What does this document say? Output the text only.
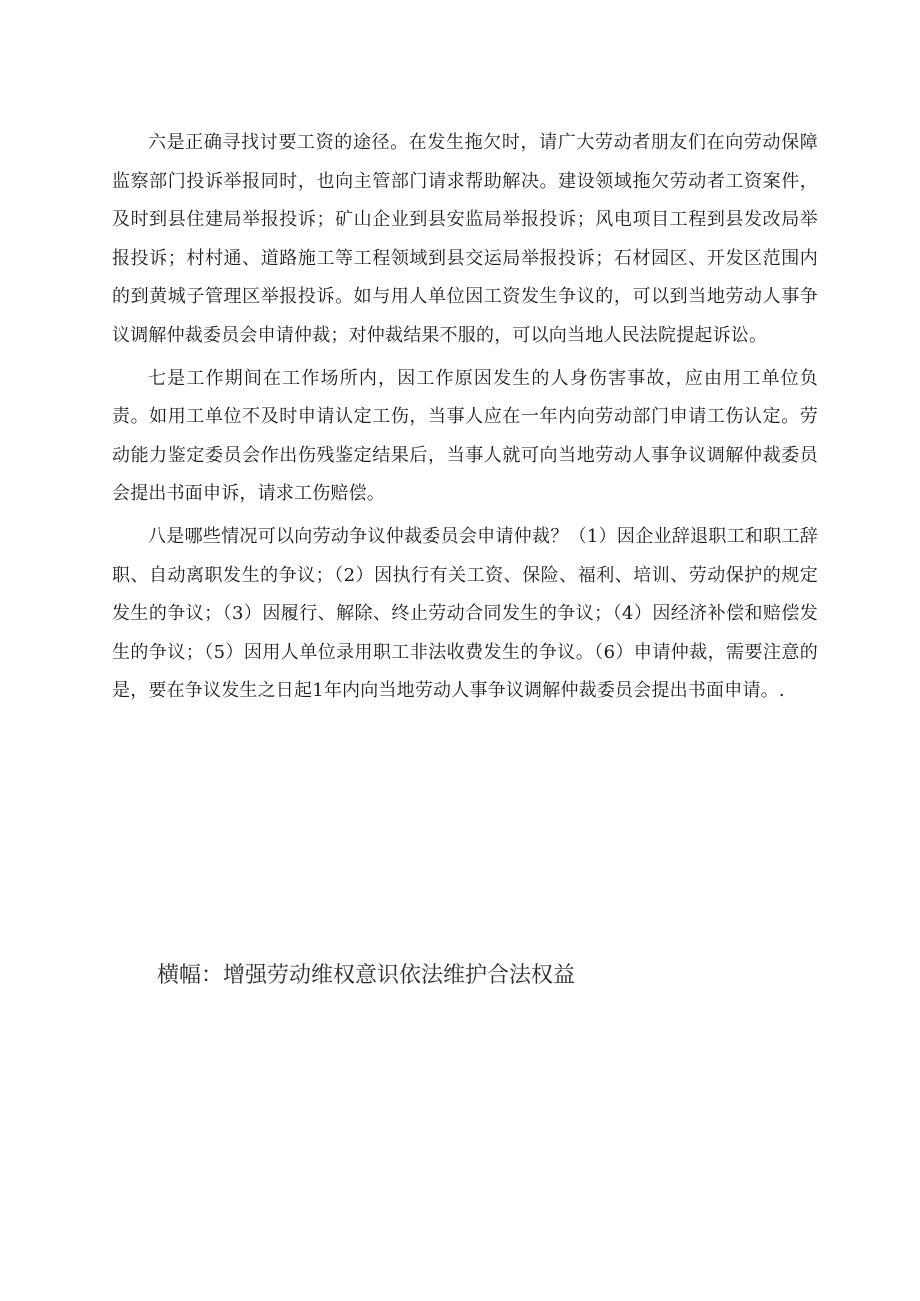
六是正确寻找讨要工资的途径。在发生拖欠时，请广大劳动者朋友们在向劳动保障监察部门投诉举报同时，也向主管部门请求帮助解决。建设领域拖欠劳动者工资案件，及时到县住建局举报投诉；矿山企业到县安监局举报投诉；风电项目工程到县发改局举报投诉；村村通、道路施工等工程领域到县交运局举报投诉；石材园区、开发区范围内的到黄城子管理区举报投诉。如与用人单位因工资发生争议的，可以到当地劳动人事争议调解仲裁委员会申请仲裁；对仲裁结果不服的，可以向当地人民法院提起诉讼。

七是工作期间在工作场所内，因工作原因发生的人身伤害事故，应由用工单位负责。如用工单位不及时申请认定工伤，当事人应在一年内向劳动部门申请工伤认定。劳动能力鉴定委员会作出伤残鉴定结果后，当事人就可向当地劳动人事争议调解仲裁委员会提出书面申诉，请求工伤赔偿。

八是哪些情况可以向劳动争议仲裁委员会申请仲裁？（1）因企业辞退职工和职工辞职、自动离职发生的争议；（2）因执行有关工资、保险、福利、培训、劳动保护的规定发生的争议；（3）因履行、解除、终止劳动合同发生的争议；（4）因经济补偿和赔偿发生的争议；（5）因用人单位录用职工非法收费发生的争议。（6）申请仲裁，需要注意的是，要在争议发生之日起1年内向当地劳动人事争议调解仲裁委员会提出书面申请。.

横幅：增强劳动维权意识依法维护合法权益
